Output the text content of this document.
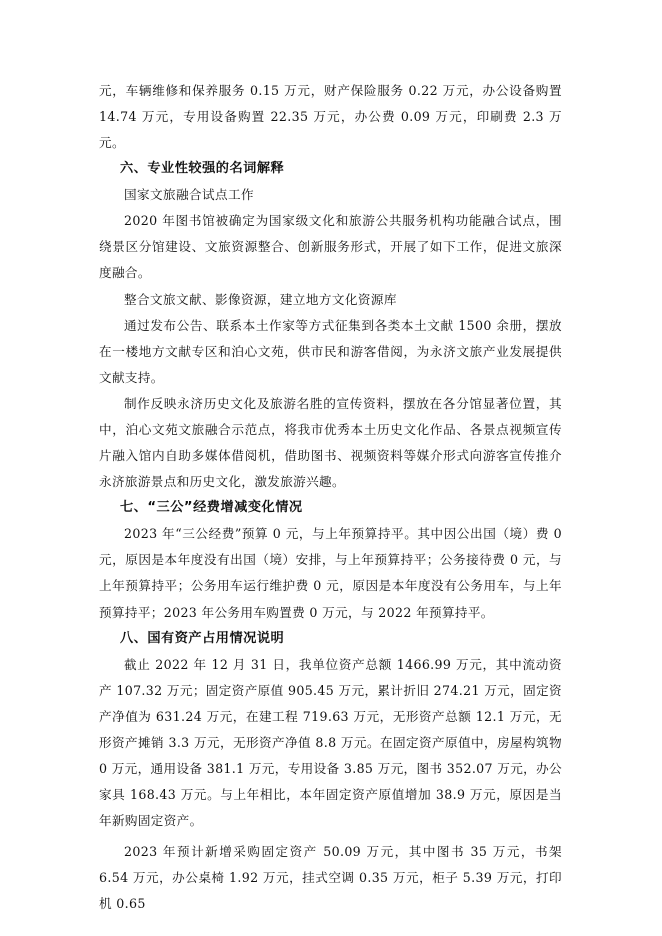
元，车辆维修和保养服务 0.15 万元，财产保险服务 0.22 万元，办公设备购置 14.74 万元，专用设备购置 22.35 万元，办公费 0.09 万元，印刷费 2.3 万元。

六、专业性较强的名词解释

国家文旅融合试点工作

2020 年图书馆被确定为国家级文化和旅游公共服务机构功能融合试点，围绕景区分馆建设、文旅资源整合、创新服务形式，开展了如下工作，促进文旅深度融合。

整合文旅文献、影像资源，建立地方文化资源库

通过发布公告、联系本土作家等方式征集到各类本土文献 1500 余册，摆放在一楼地方文献专区和泊心文苑，供市民和游客借阅，为永济文旅产业发展提供文献支持。

制作反映永济历史文化及旅游名胜的宣传资料，摆放在各分馆显著位置，其中，泊心文苑文旅融合示范点，将我市优秀本土历史文化作品、各景点视频宣传片融入馆内自助多媒体借阅机，借助图书、视频资料等媒介形式向游客宣传推介永济旅游景点和历史文化，激发旅游兴趣。

七、“三公”经费增减变化情况

2023 年“三公经费”预算 0 元，与上年预算持平。其中因公出国（境）费 0 元，原因是本年度没有出国（境）安排，与上年预算持平；公务接待费 0 元，与上年预算持平；公务用车运行维护费 0 元，原因是本年度没有公务用车，与上年预算持平；2023 年公务用车购置费 0 万元，与 2022 年预算持平。

八、国有资产占用情况说明

截止 2022 年 12 月 31 日，我单位资产总额 1466.99 万元，其中流动资产 107.32 万元；固定资产原值 905.45 万元，累计折旧 274.21 万元，固定资产净值为 631.24 万元，在建工程 719.63 万元，无形资产总额 12.1 万元，无形资产摊销 3.3 万元，无形资产净值 8.8 万元。在固定资产原值中，房屋构筑物 0 万元，通用设备 381.1 万元，专用设备 3.85 万元，图书 352.07 万元，办公家具 168.43 万元。与上年相比，本年固定资产原值增加 38.9 万元，原因是当年新购固定资产。

2023 年预计新增采购固定资产 50.09 万元，其中图书 35 万元，书架 6.54 万元，办公桌椅 1.92 万元，挂式空调 0.35 万元，柜子 5.39 万元，打印机 0.65
